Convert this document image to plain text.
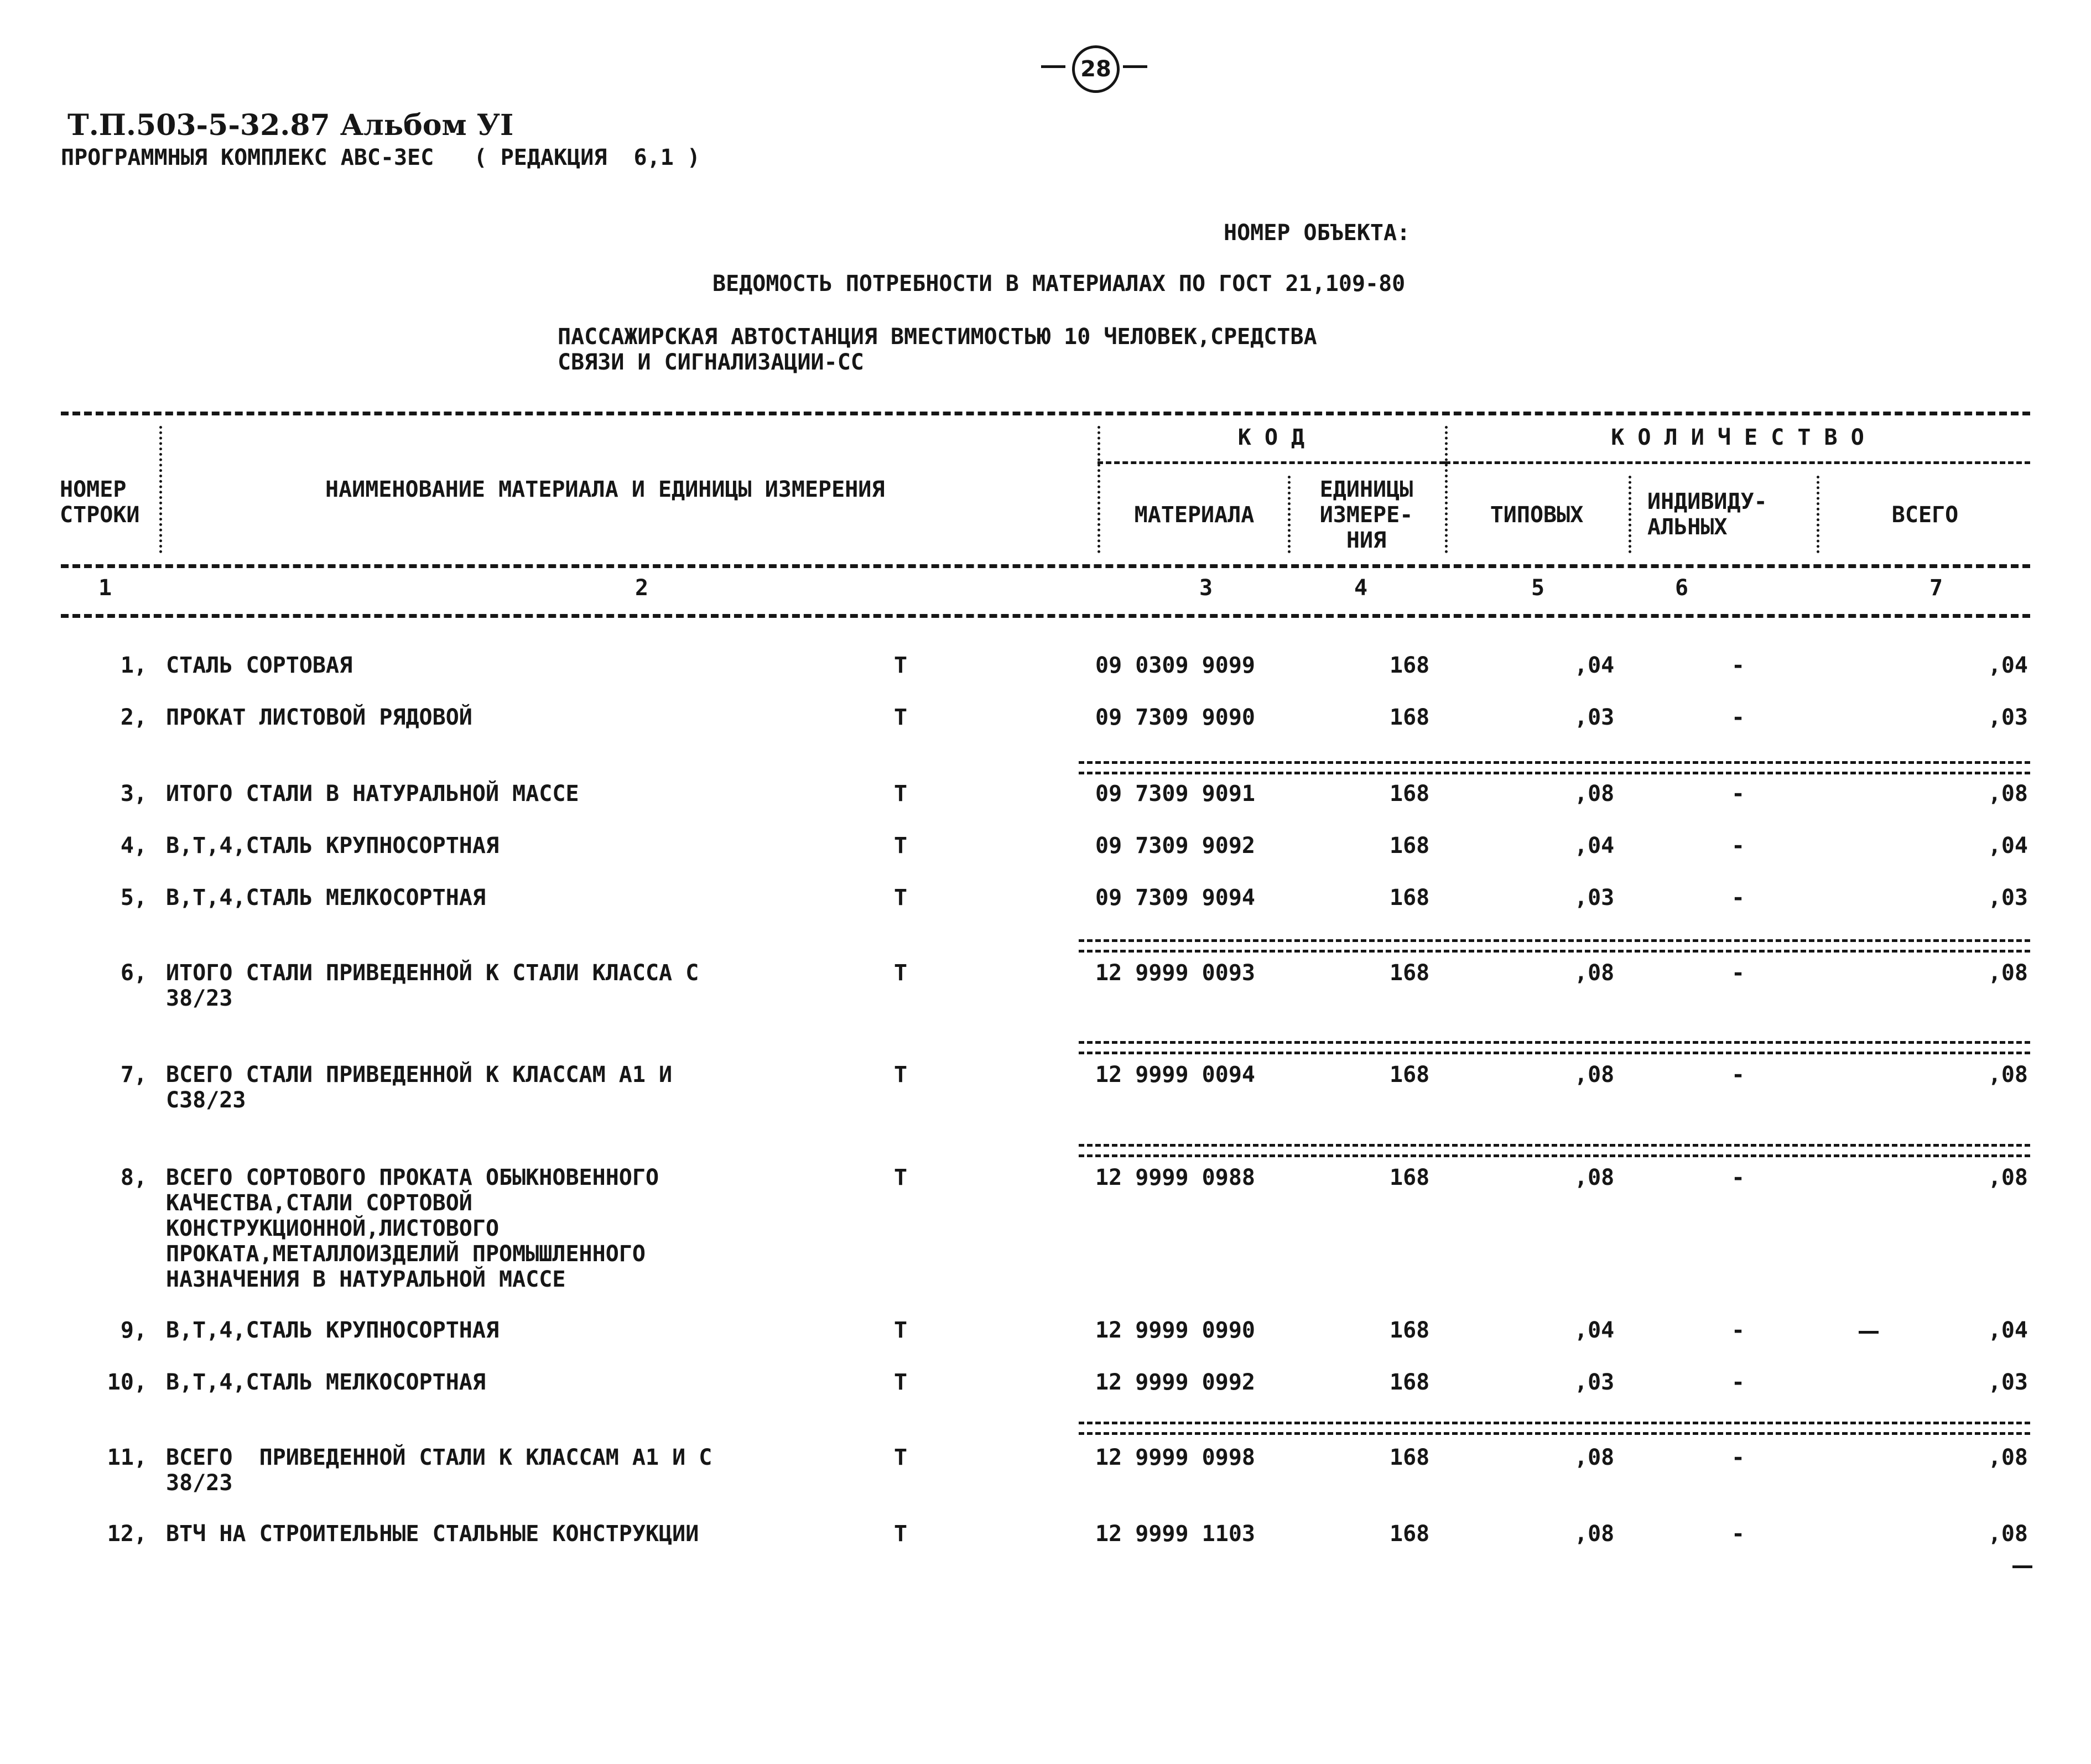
28
Т.П.503-5-32.87 Альбом УI
ПРОГРАММНЫЯ КОМПЛЕКС АВС-3ЕС   ( РЕДАКЦИЯ  6,1 )
НОМЕР ОБЪЕКТА:
ВЕДОМОСТЬ ПОТРЕБНОСТИ В МАТЕРИАЛАХ ПО ГОСТ 21,109-80
ПАССАЖИРСКАЯ АВТОСТАНЦИЯ ВМЕСТИМОСТЬЮ 10 ЧЕЛОВЕК,СРЕДСТВА
СВЯЗИ И СИГНАЛИЗАЦИИ-СС
К О Д	К О Л И Ч Е С Т В О
НОМЕР
СТРОКИ
НАИМЕНОВАНИЕ МАТЕРИАЛА И ЕДИНИЦЫ ИЗМЕРЕНИЯ
МАТЕРИАЛА
ЕДИНИЦЫ
ИЗМЕРЕ-
НИЯ
ТИПОВЫХ
ИНДИВИДУ-
АЛЬНЫХ	ВСЕГО
1	2	3	4	5	6	7
1, СТАЛЬ СОРТОВАЯ	Т	09 0309 9099	168	,04	-	,04
2, ПРОКАТ ЛИСТОВОЙ РЯДОВОЙ	Т	09 7309 9090	168	,03	-	,03
3, ИТОГО СТАЛИ В НАТУРАЛЬНОЙ МАССЕ	Т	09 7309 9091	168	,08	-	,08
4, В,Т,4,СТАЛЬ КРУПНОСОРТНАЯ	Т	09 7309 9092	168	,04	-	,04
5, В,Т,4,СТАЛЬ МЕЛКОСОРТНАЯ	Т	09 7309 9094	168	,03	-	,03
6, ИТОГО СТАЛИ ПРИВЕДЕННОЙ К СТАЛИ КЛАССА С
38/23
Т	12 9999 0093	168	,08	-	,08
7, ВСЕГО СТАЛИ ПРИВЕДЕННОЙ К КЛАССАМ А1 И
С38/23
Т	12 9999 0094	168	,08	-	,08
8, ВСЕГО СОРТОВОГО ПРОКАТА ОБЫКНОВЕННОГО
КАЧЕСТВА,СТАЛИ СОРТОВОЙ
КОНСТРУКЦИОННОЙ,ЛИСТОВОГО
ПРОКАТА,МЕТАЛЛОИЗДЕЛИЙ ПРОМЫШЛЕННОГО
НАЗНАЧЕНИЯ В НАТУРАЛЬНОЙ МАССЕ
Т	12 9999 0988	168	,08	-	,08
9, В,Т,4,СТАЛЬ КРУПНОСОРТНАЯ	Т	12 9999 0990	168	,04	-	,04
10, В,Т,4,СТАЛЬ МЕЛКОСОРТНАЯ	Т	12 9999 0992	168	,03	-	,03
11, ВСЕГО  ПРИВЕДЕННОЙ СТАЛИ К КЛАССАМ А1 И С
38/23
Т	12 9999 0998	168	,08	-	,08
12, ВТЧ НА СТРОИТЕЛЬНЫЕ СТАЛЬНЫЕ КОНСТРУКЦИИ	Т	12 9999 1103	168	,08	-	,08
